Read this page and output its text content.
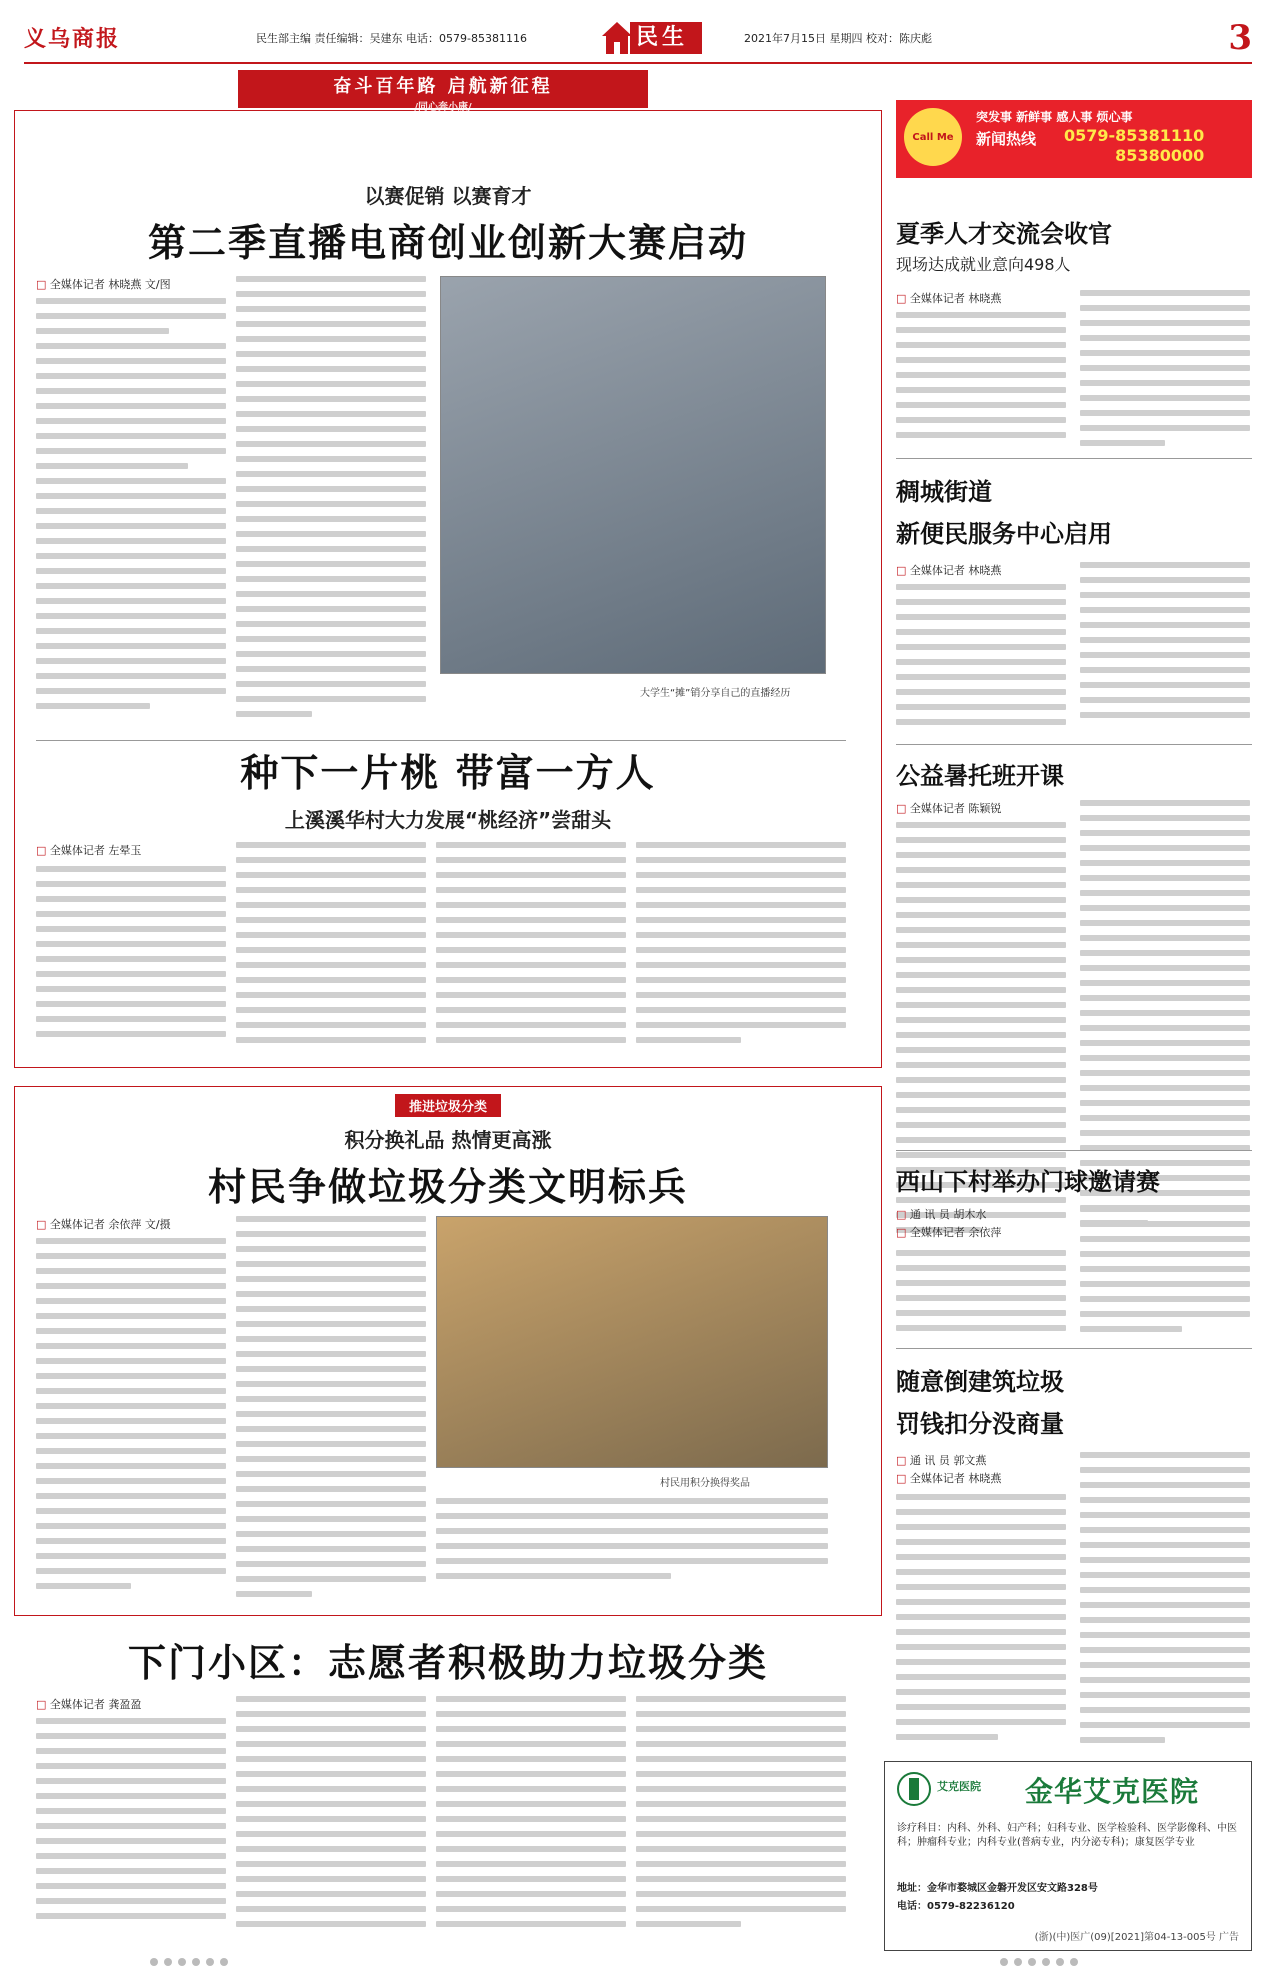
义乌商报	民生部主编 责任编辑：吴建东 电话：0579-85381116	民生	2021年7月15日 星期四 校对：陈庆彪	3
奋斗百年路 启航新征程
/同心奔小康/
以赛促销 以赛育才
第二季直播电商创业创新大赛启动
□ 全媒体记者 林晓燕 文/图
大学生“摊”销分享自己的直播经历
种下一片桃 带富一方人
上溪溪华村大力发展“桃经济”尝甜头
□ 全媒体记者 左晕玉
推进垃圾分类
积分换礼品 热情更高涨
村民争做垃圾分类文明标兵
□ 全媒体记者 余依萍 文/摄
村民用积分换得奖品
下门小区：志愿者积极助力垃圾分类
□ 全媒体记者 龚盈盈
Call Me
突发事 新鲜事 感人事 烦心事
新闻热线 0579-85381110
85380000
夏季人才交流会收官
现场达成就业意向498人
□ 全媒体记者 林晓燕
稠城街道
新便民服务中心启用
□ 全媒体记者 林晓燕
公益暑托班开课
□ 全媒体记者 陈颖锐
西山下村举办门球邀请赛
□ 通 讯 员 胡木水
□ 全媒体记者 余依萍
随意倒建筑垃圾
罚钱扣分没商量
□ 通 讯 员 郭文燕
□ 全媒体记者 林晓燕
艾克医院 金华艾克医院
诊疗科目：内科、外科、妇产科；妇科专业、医学检验科、医学影像科、中医科；肿瘤科专业；内科专业(普病专业，内分泌专科)；康复医学专业
地址：金华市婺城区金磐开发区安文路328号
电话：0579-82236120
(浙)(中)医广(09)[2021]第04-13-005号 广告
